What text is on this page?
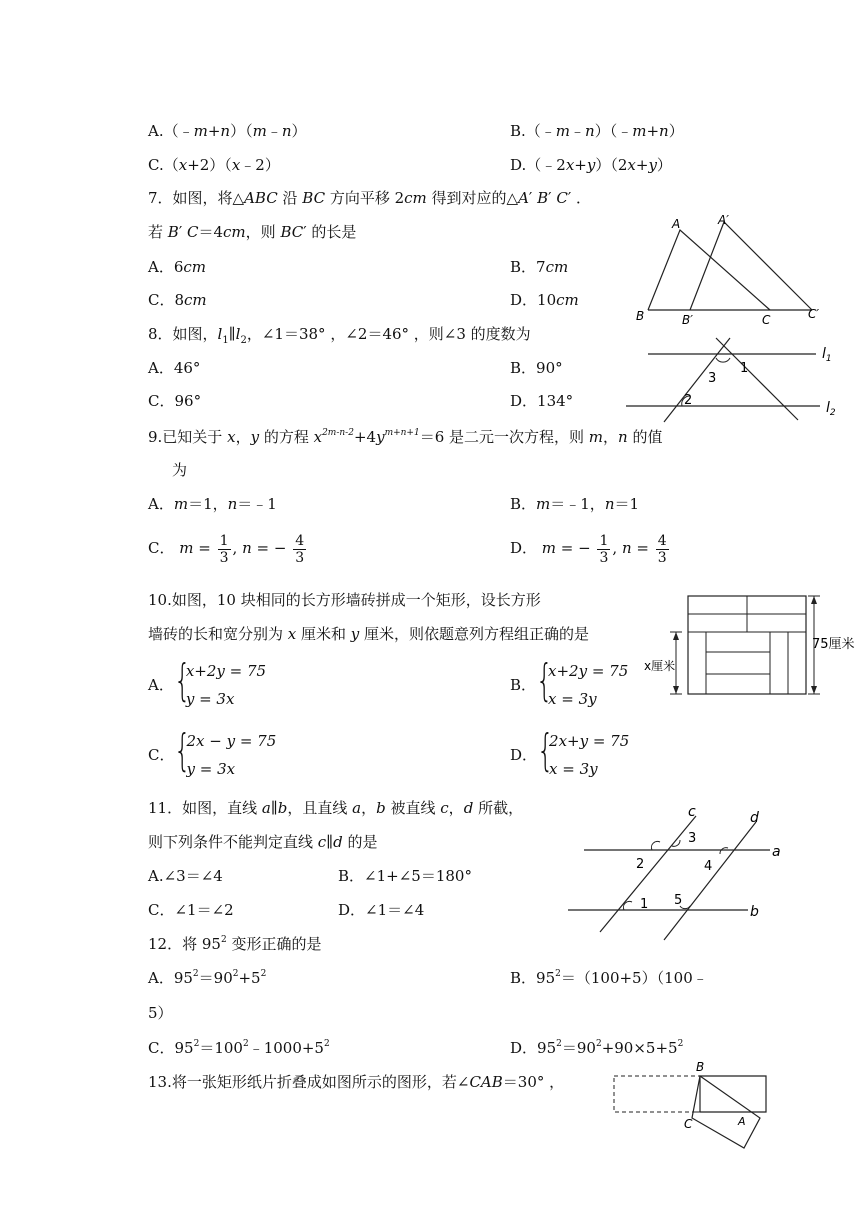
A.（﹣m+n）（m﹣n）	B.（﹣m﹣n）（﹣m+n）
C.（x+2）（x﹣2）	D.（﹣2x+y）（2x+y）
7．如图，将△ABC 沿 BC 方向平移 2cm 得到对应的△A′ B′ C′ ．
若 B′ C＝4cm，则 BC′ 的长是
A．6cm	B．7cm
C．8cm	D．10cm
A	A′
B	B′	C	C′
8．如图，$l_1\parallel l_2$，∠1＝38° ，∠2＝46° ，则∠3 的度数为
A．46°	B．90°
C．96°	D．134°
$l_1$
$l_2$
1
2
3
9.已知关于 x，y 的方程 $x^{2m-n-2}+4y^{m+n+1}=6$ 是二元一次方程，则 m，n 的值
为
A．m＝1，n＝﹣1	B．m＝﹣1，n＝1
C． $m = \frac{1}{3}$ , n = − $\frac{4}{3}$	D． m = − $\frac{1}{3}$ , $n = \frac{4}{3}$
10.如图，10 块相同的长方形墙砖拼成一个矩形，设长方形
墙砖的长和宽分别为 x 厘米和 y 厘米，则依题意列方程组正确的是
A． {
x+2y = 75
y = 3x
B． {
x+2y = 75
x = 3y
C． {
2x − y = 75
y = 3x
D． {
2x+y = 75
x = 3y
75厘米
x厘米
11．如图，直线 a∥b，且直线 a，b 被直线 c，d 所截，
则下列条件不能判定直线 c∥d 的是
A.∠3＝∠4	B．∠1+∠5＝180°
C．∠1＝∠2	D．∠1＝∠4
a
b
c	d
1
2
3
4
5
12．将 $95^2$ 变形正确的是
A．$95^2=90^2+5^2$	B．$95^2=(100+5)(100﹣$
5）
C．$95^2=100^2﹣1000+5^2$	D．$95^2=90^2+90\times 5+5^2$
13.将一张矩形纸片折叠成如图所示的图形，若∠CAB＝30° ，
B
C	A
